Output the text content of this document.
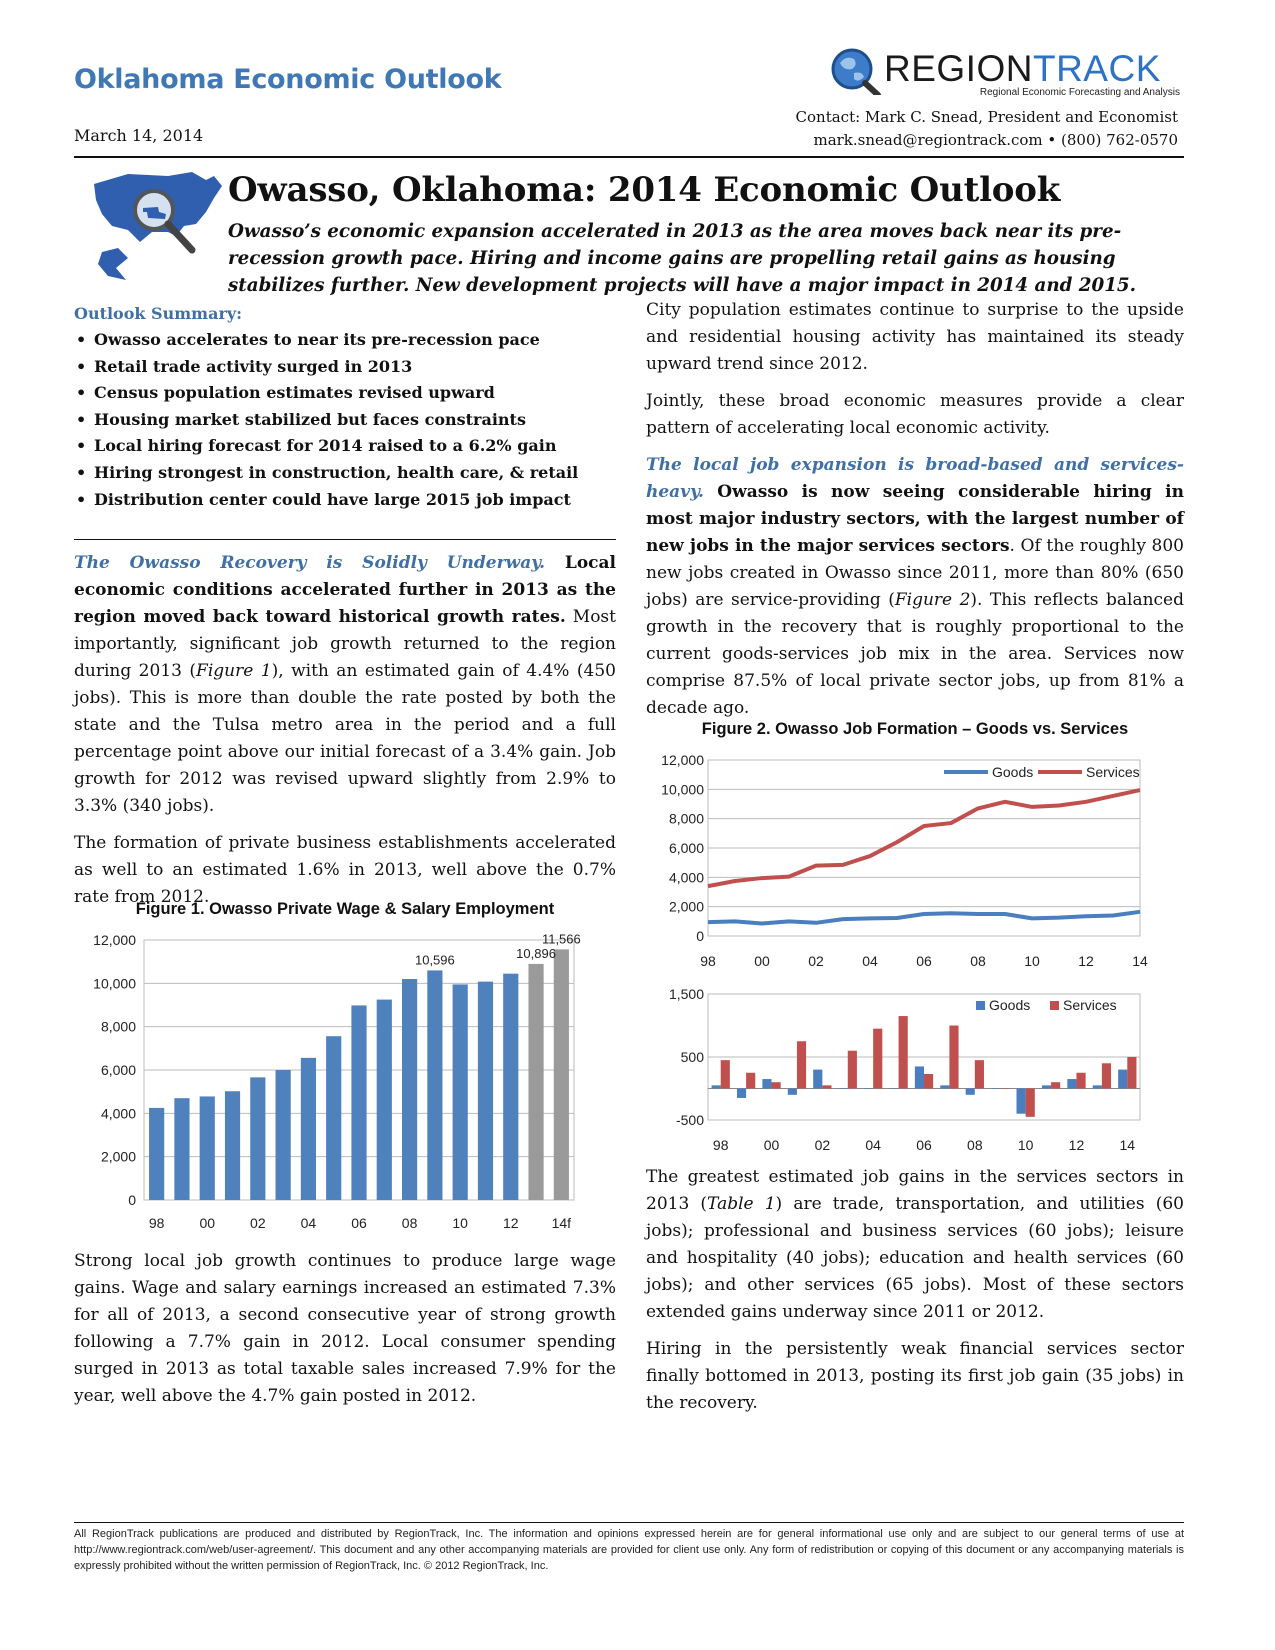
Oklahoma Economic Outlook
March 14, 2014
REGIONTRACK
Regional Economic Forecasting and Analysis
Contact: Mark C. Snead, President and Economist
mark.snead@regiontrack.com • (800) 762-0570
Owasso, Oklahoma: 2014 Economic Outlook
Owasso’s economic expansion accelerated in 2013 as the area moves back near its pre-recession growth pace. Hiring and income gains are propelling retail gains as housing stabilizes further. New development projects will have a major impact in 2014 and 2015.
Outlook Summary:
• Owasso accelerates to near its pre-recession pace
• Retail trade activity surged in 2013
• Census population estimates revised upward
• Housing market stabilized but faces constraints
• Local hiring forecast for 2014 raised to a 6.2% gain
• Hiring strongest in construction, health care, & retail
• Distribution center could have large 2015 job impact

The Owasso Recovery is Solidly Underway. Local economic conditions accelerated further in 2013 as the region moved back toward historical growth rates. Most importantly, significant job growth returned to the region during 2013 (Figure 1), with an estimated gain of 4.4% (450 jobs). This is more than double the rate posted by both the state and the Tulsa metro area in the period and a full percentage point above our initial forecast of a 3.4% gain. Job growth for 2012 was revised upward slightly from 2.9% to 3.3% (340 jobs).

The formation of private business establishments accelerated as well to an estimated 1.6% in 2013, well above the 0.7% rate from 2012.

Figure 1. Owasso Private Wage & Salary Employment
0
2,000
4,000
6,000
8,000
10,000
12,000
10,596	10,896
11,566
98	00	02	04	06	08	10	12 14f

Strong local job growth continues to produce large wage gains. Wage and salary earnings increased an estimated 7.3% for all of 2013, a second consecutive year of strong growth following a 7.7% gain in 2012. Local consumer spending surged in 2013 as total taxable sales increased 7.9% for the year, well above the 4.7% gain posted in 2012.

City population estimates continue to surprise to the upside and residential housing activity has maintained its steady upward trend since 2012.

Jointly, these broad economic measures provide a clear pattern of accelerating local economic activity.

The local job expansion is broad-based and services-heavy. Owasso is now seeing considerable hiring in most major industry sectors, with the largest number of new jobs in the major services sectors. Of the roughly 800 new jobs created in Owasso since 2011, more than 80% (650 jobs) are service-providing (Figure 2). This reflects balanced growth in the recovery that is roughly proportional to the current goods-services job mix in the area. Services now comprise 87.5% of local private sector jobs, up from 81% a decade ago.

Figure 2. Owasso Job Formation – Goods vs. Services
0
2,000
4,000
6,000
8,000
10,000
12,000
98	00	02	04	06	08	10	12	14
Goods	Services
-500
500
1,500
98	00	02	04	06	08	10	12	14
Goods Services

The greatest estimated job gains in the services sectors in 2013 (Table 1) are trade, transportation, and utilities (60 jobs); professional and business services (60 jobs); leisure and hospitality (40 jobs); education and health services (60 jobs); and other services (65 jobs). Most of these sectors extended gains underway since 2011 or 2012.

Hiring in the persistently weak financial services sector finally bottomed in 2013, posting its first job gain (35 jobs) in the recovery.

All RegionTrack publications are produced and distributed by RegionTrack, Inc. The information and opinions expressed herein are for general informational use only and are subject to our general terms of use at http://www.regiontrack.com/web/user-agreement/. This document and any other accompanying materials are provided for client use only. Any form of redistribution or copying of this document or any accompanying materials is expressly prohibited without the written permission of RegionTrack, Inc. © 2012 RegionTrack, Inc.
